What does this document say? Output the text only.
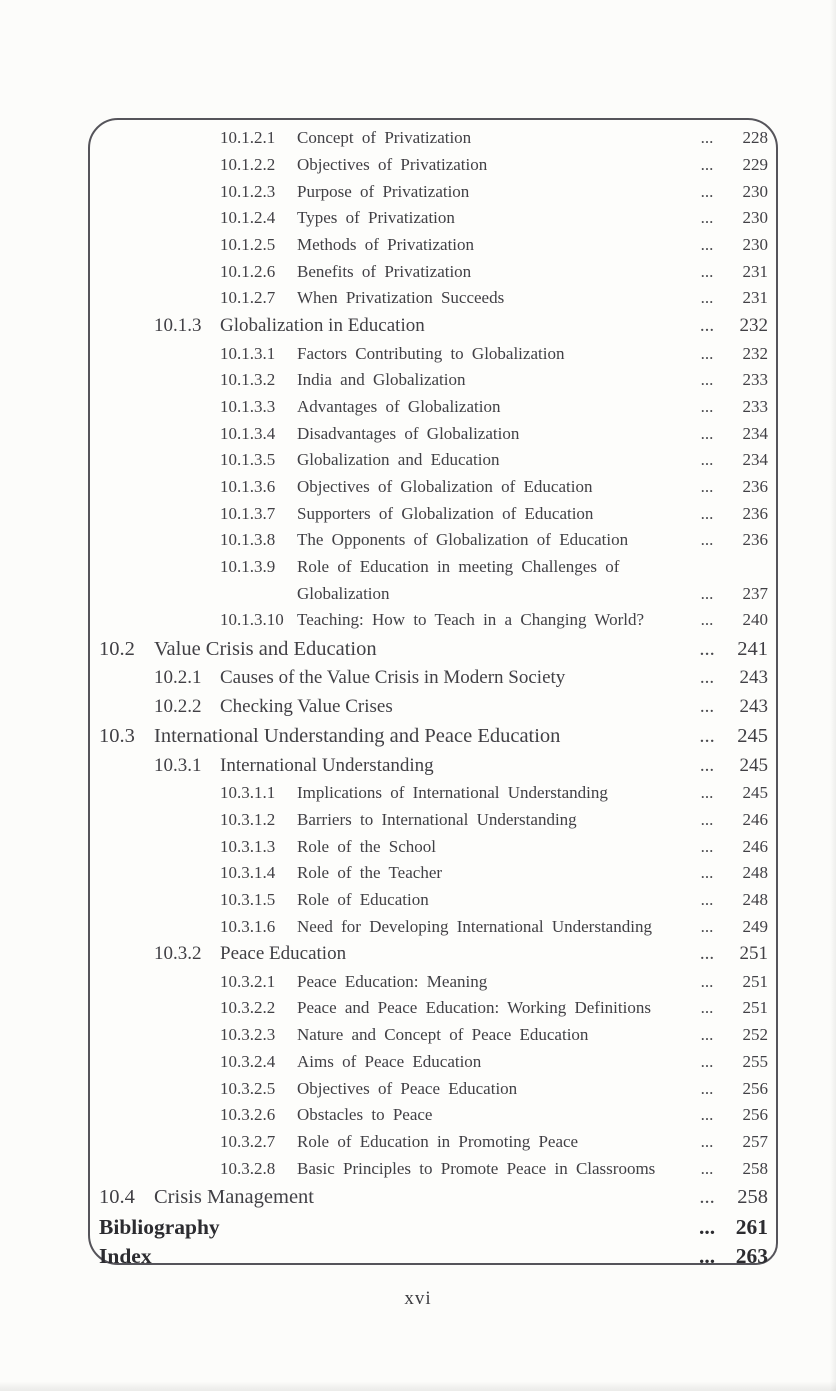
10.1.2.1	Concept of Privatization	...	228
10.1.2.2	Objectives of Privatization	...	229
10.1.2.3	Purpose of Privatization	...	230
10.1.2.4	Types of Privatization	...	230
10.1.2.5	Methods of Privatization	...	230
10.1.2.6	Benefits of Privatization	...	231
10.1.2.7	When Privatization Succeeds	...	231
10.1.3 Globalization in Education	...	232
10.1.3.1	Factors Contributing to Globalization	...	232
10.1.3.2	India and Globalization	...	233
10.1.3.3	Advantages of Globalization	...	233
10.1.3.4	Disadvantages of Globalization	...	234
10.1.3.5	Globalization and Education	...	234
10.1.3.6	Objectives of Globalization of Education	...	236
10.1.3.7	Supporters of Globalization of Education	...	236
10.1.3.8	The Opponents of Globalization of Education	...	236
10.1.3.9	Role of Education in meeting Challenges of
Globalization	...	237
10.1.3.10 Teaching: How to Teach in a Changing World?	...	240
10.2 Value Crisis and Education	...	241
10.2.1 Causes of the Value Crisis in Modern Society	...	243
10.2.2 Checking Value Crises	...	243
10.3 International Understanding and Peace Education	...	245
10.3.1 International Understanding	...	245
10.3.1.1	Implications of International Understanding	...	245
10.3.1.2	Barriers to International Understanding	...	246
10.3.1.3	Role of the School	...	246
10.3.1.4	Role of the Teacher	...	248
10.3.1.5	Role of Education	...	248
10.3.1.6	Need for Developing International Understanding	...	249
10.3.2 Peace Education	...	251
10.3.2.1	Peace Education: Meaning	...	251
10.3.2.2	Peace and Peace Education: Working Definitions	...	251
10.3.2.3	Nature and Concept of Peace Education	...	252
10.3.2.4	Aims of Peace Education	...	255
10.3.2.5	Objectives of Peace Education	...	256
10.3.2.6	Obstacles to Peace	...	256
10.3.2.7	Role of Education in Promoting Peace	...	257
10.3.2.8	Basic Principles to Promote Peace in Classrooms	...	258
10.4 Crisis Management	...	258
Bibliography	... 261
Index	... 263
xvi
